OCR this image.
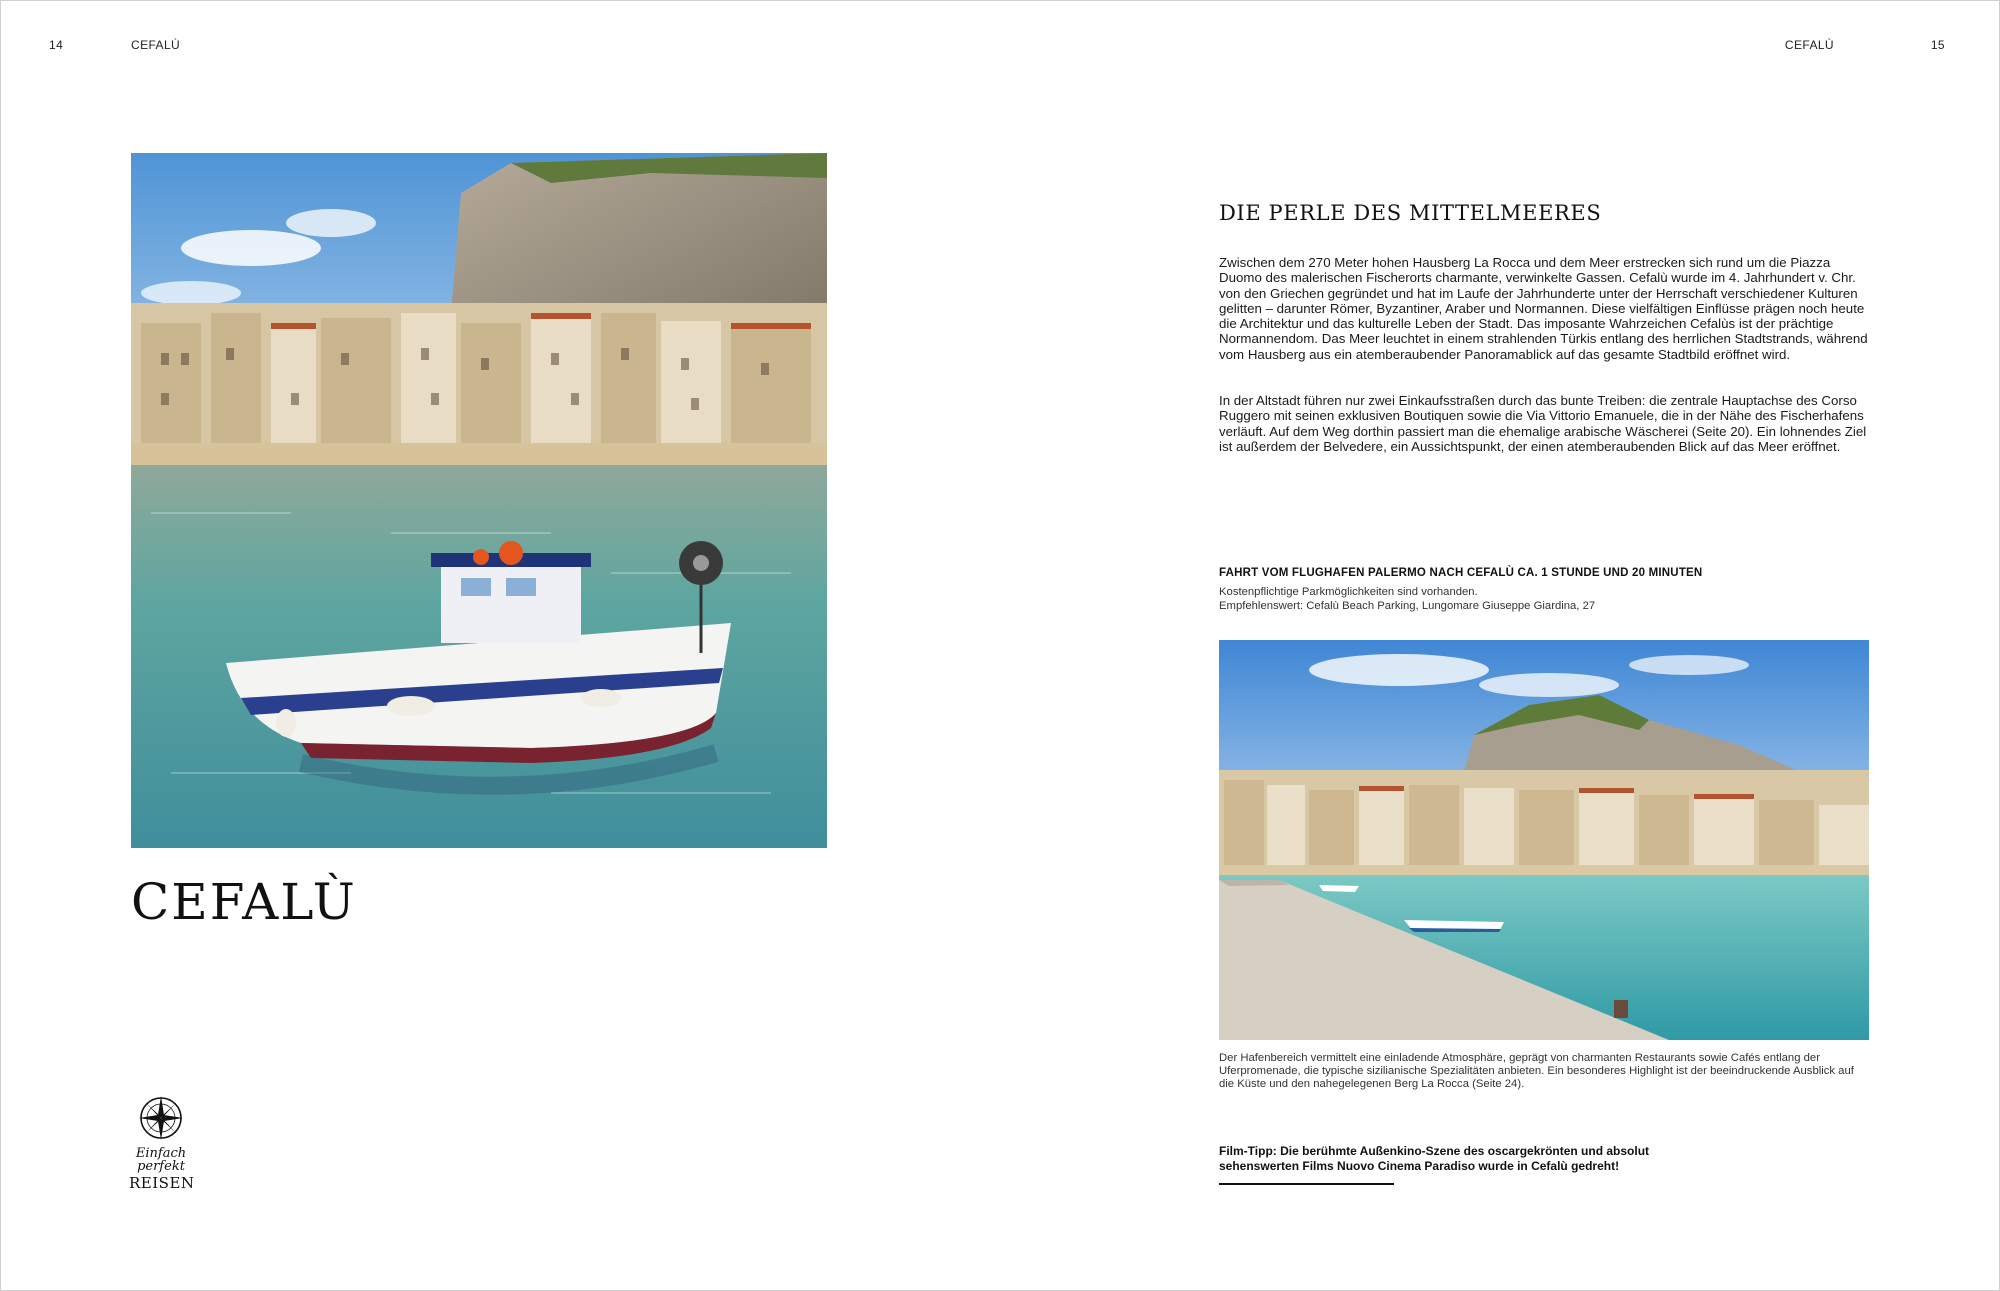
14	CEFALÙ	CEFALÙ	15
CEFALÙ
Einfach
perfekt
REISEN
DIE PERLE DES MITTELMEERES

Zwischen dem 270 Meter hohen Hausberg La Rocca und dem Meer erstrecken sich rund um die Piazza Duomo des malerischen Fischerorts charmante, verwinkelte Gassen. Cefalù wurde im 4. Jahrhundert v. Chr. von den Griechen gegründet und hat im Laufe der Jahrhunderte unter der Herrschaft verschiedener Kulturen gelitten – darunter Römer, Byzantiner, Araber und Normannen. Diese vielfältigen Einflüsse prägen noch heute die Architektur und das kulturelle Leben der Stadt. Das imposante Wahrzeichen Cefalùs ist der prächtige Normannendom. Das Meer leuchtet in einem strahlenden Türkis entlang des herrlichen Stadtstrands, während vom Hausberg aus ein atemberaubender Panoramablick auf das gesamte Stadtbild eröffnet wird.

In der Altstadt führen nur zwei Einkaufsstraßen durch das bunte Treiben: die zentrale Hauptachse des Corso Ruggero mit seinen exklusiven Boutiquen sowie die Via Vittorio Emanuele, die in der Nähe des Fischerhafens verläuft. Auf dem Weg dorthin passiert man die ehemalige arabische Wäscherei (Seite 20). Ein lohnendes Ziel ist außerdem der Belvedere, ein Aussichtspunkt, der einen atemberaubenden Blick auf das Meer eröffnet.

FAHRT VOM FLUGHAFEN PALERMO NACH CEFALÙ CA. 1 STUNDE UND 20 MINUTEN
Kostenpflichtige Parkmöglichkeiten sind vorhanden.
Empfehlenswert: Cefalù Beach Parking, Lungomare Giuseppe Giardina, 27

Der Hafenbereich vermittelt eine einladende Atmosphäre, geprägt von charmanten Restaurants sowie Cafés entlang der Uferpromenade, die typische sizilianische Spezialitäten anbieten. Ein besonderes Highlight ist der beeindruckende Ausblick auf die Küste und den nahegelegenen Berg La Rocca (Seite 24).

Film-Tipp: Die berühmte Außenkino-Szene des oscargekrönten und absolut sehenswerten Films Nuovo Cinema Paradiso wurde in Cefalù gedreht!
